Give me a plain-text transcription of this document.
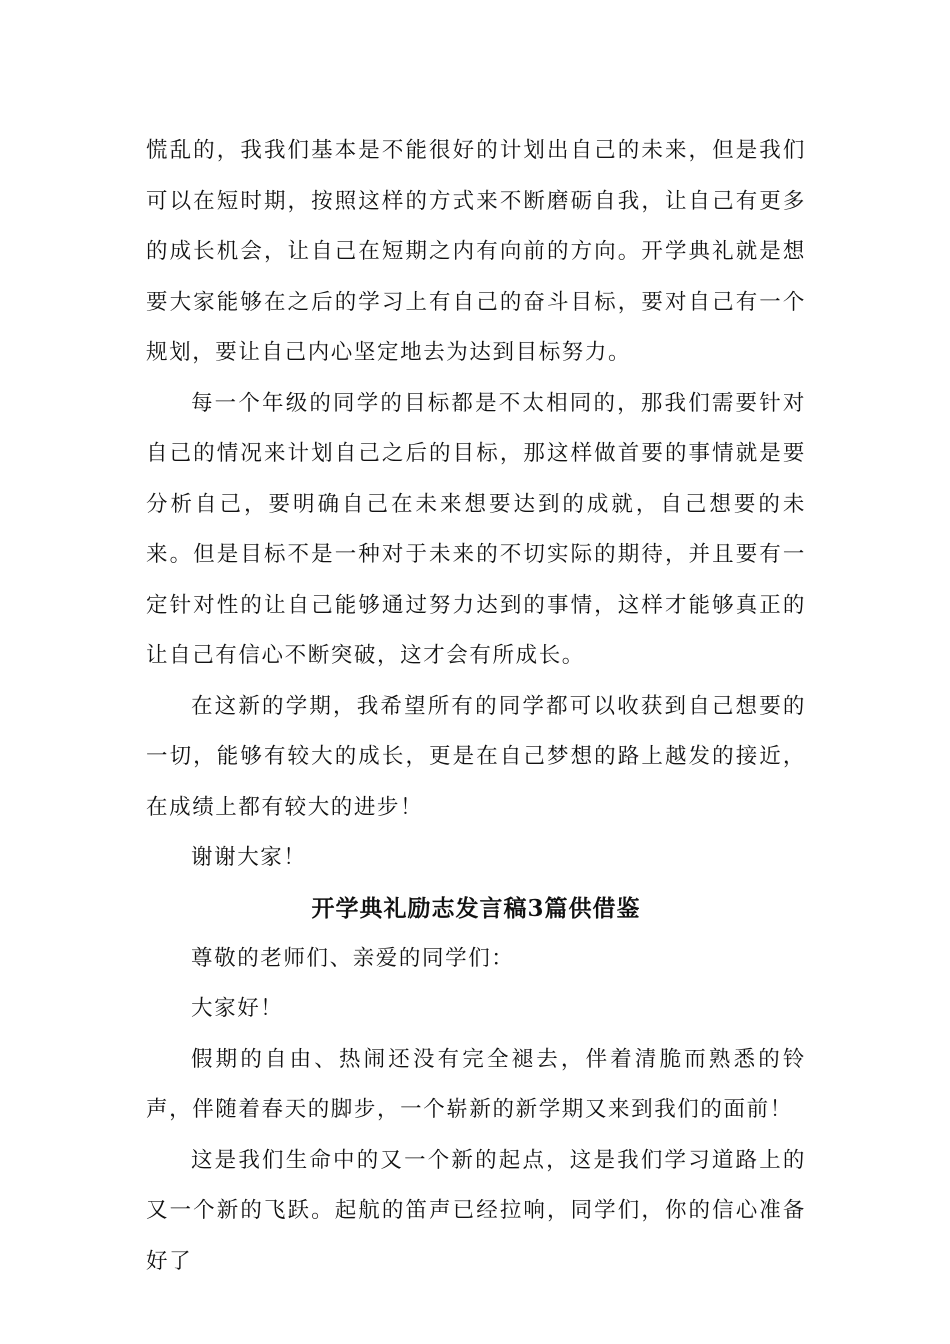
慌乱的，我我们基本是不能很好的计划出自己的未来，但是我们可以在短时期，按照这样的方式来不断磨砺自我，让自己有更多的成长机会，让自己在短期之内有向前的方向。开学典礼就是想要大家能够在之后的学习上有自己的奋斗目标，要对自己有一个规划，要让自己内心坚定地去为达到目标努力。

每一个年级的同学的目标都是不太相同的，那我们需要针对自己的情况来计划自己之后的目标，那这样做首要的事情就是要分析自己，要明确自己在未来想要达到的成就，自己想要的未来。但是目标不是一种对于未来的不切实际的期待，并且要有一定针对性的让自己能够通过努力达到的事情，这样才能够真正的让自己有信心不断突破，这才会有所成长。

在这新的学期，我希望所有的同学都可以收获到自己想要的一切，能够有较大的成长，更是在自己梦想的路上越发的接近，在成绩上都有较大的进步！

谢谢大家！

开学典礼励志发言稿3篇供借鉴

尊敬的老师们、亲爱的同学们：

大家好！

假期的自由、热闹还没有完全褪去，伴着清脆而熟悉的铃声，伴随着春天的脚步，一个崭新的新学期又来到我们的面前！

这是我们生命中的又一个新的起点，这是我们学习道路上的又一个新的飞跃。起航的笛声已经拉响，同学们，你的信心准备好了
